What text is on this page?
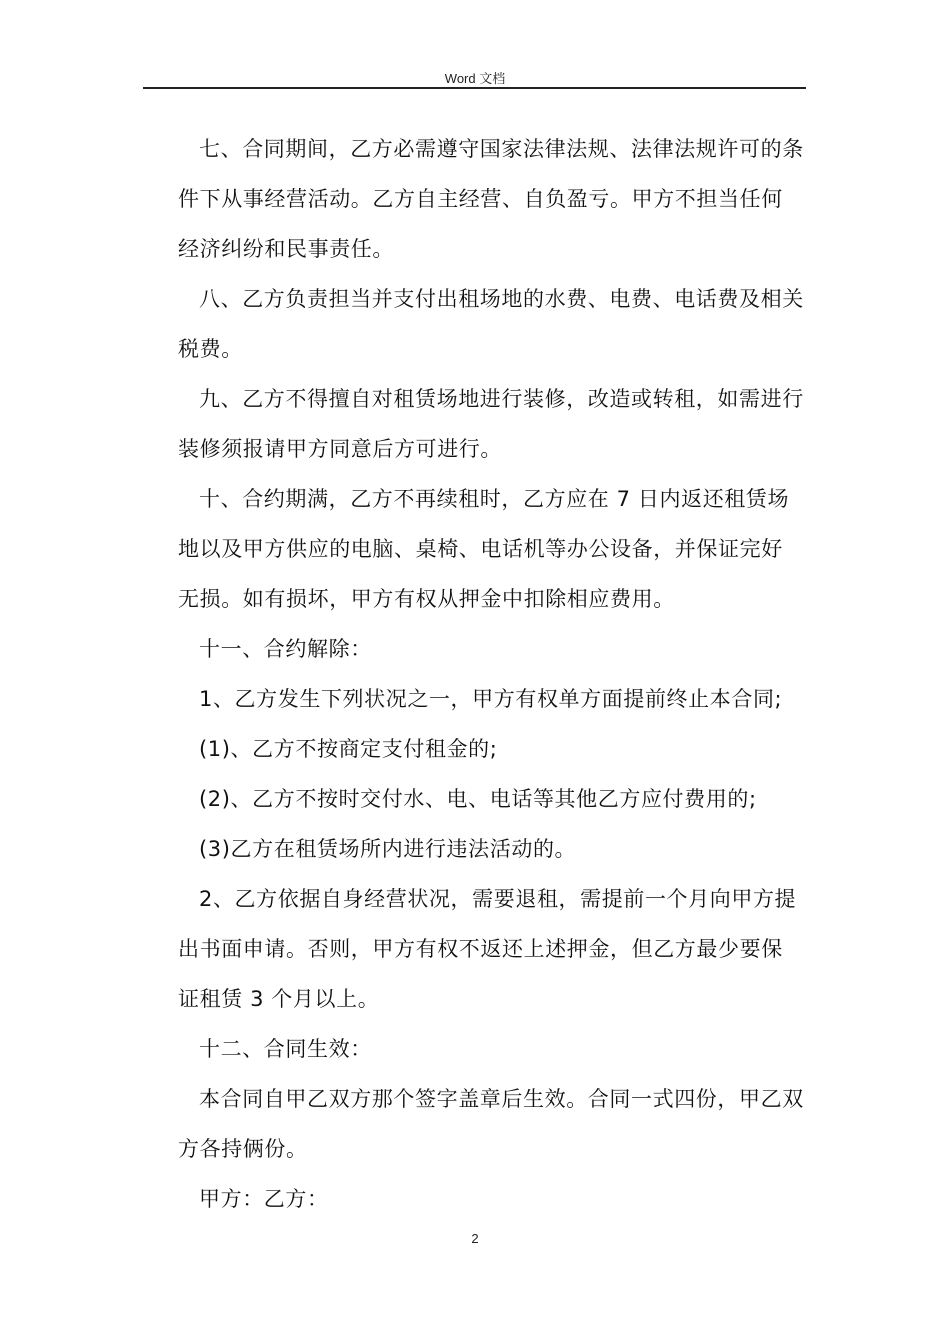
Word 文档

七、合同期间，乙方必需遵守国家法律法规、法律法规许可的条件下从事经营活动。乙方自主经营、自负盈亏。甲方不担当任何经济纠纷和民事责任。

八、乙方负责担当并支付出租场地的水费、电费、电话费及相关税费。

九、乙方不得擅自对租赁场地进行装修，改造或转租，如需进行装修须报请甲方同意后方可进行。

十、合约期满，乙方不再续租时，乙方应在 7 日内返还租赁场地以及甲方供应的电脑、桌椅、电话机等办公设备，并保证完好无损。如有损坏，甲方有权从押金中扣除相应费用。

十一、合约解除：

1、乙方发生下列状况之一，甲方有权单方面提前终止本合同;

(1)、乙方不按商定支付租金的;

(2)、乙方不按时交付水、电、电话等其他乙方应付费用的;

(3)乙方在租赁场所内进行违法活动的。

2、乙方依据自身经营状况，需要退租，需提前一个月向甲方提出书面申请。否则，甲方有权不返还上述押金，但乙方最少要保证租赁 3 个月以上。

十二、合同生效：

本合同自甲乙双方那个签字盖章后生效。合同一式四份，甲乙双方各持俩份。

甲方：乙方：

2
